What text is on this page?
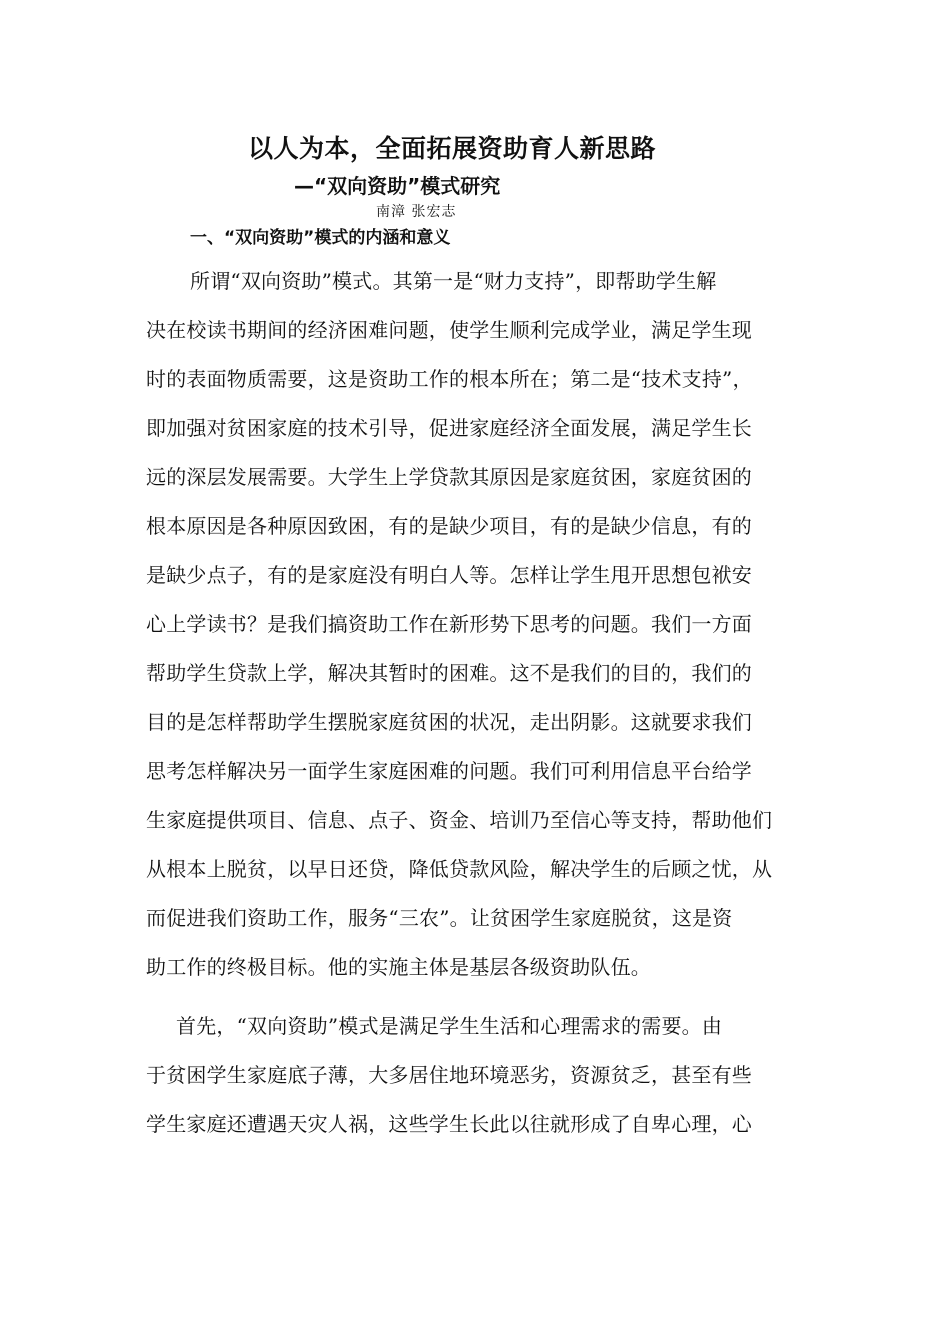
以人为本，全面拓展资助育人新思路
—“双向资助”模式研究
南漳 张宏志
一、“双向资助”模式的内涵和意义
所谓“双向资助”模式。其第一是“财力支持”，即帮助学生解
决在校读书期间的经济困难问题，使学生顺利完成学业，满足学生现
时的表面物质需要，这是资助工作的根本所在；第二是“技术支持”，
即加强对贫困家庭的技术引导，促进家庭经济全面发展，满足学生长
远的深层发展需要。大学生上学贷款其原因是家庭贫困，家庭贫困的
根本原因是各种原因致困，有的是缺少项目，有的是缺少信息，有的
是缺少点子，有的是家庭没有明白人等。怎样让学生甩开思想包袱安
心上学读书？是我们搞资助工作在新形势下思考的问题。我们一方面
帮助学生贷款上学，解决其暂时的困难。这不是我们的目的，我们的
目的是怎样帮助学生摆脱家庭贫困的状况，走出阴影。这就要求我们
思考怎样解决另一面学生家庭困难的问题。我们可利用信息平台给学
生家庭提供项目、信息、点子、资金、培训乃至信心等支持，帮助他们
从根本上脱贫，以早日还贷，降低贷款风险，解决学生的后顾之忧，从
而促进我们资助工作，服务“三农”。让贫困学生家庭脱贫，这是资
助工作的终极目标。他的实施主体是基层各级资助队伍。
首先，“双向资助”模式是满足学生生活和心理需求的需要。由
于贫困学生家庭底子薄，大多居住地环境恶劣，资源贫乏，甚至有些
学生家庭还遭遇天灾人祸，这些学生长此以往就形成了自卑心理，心
